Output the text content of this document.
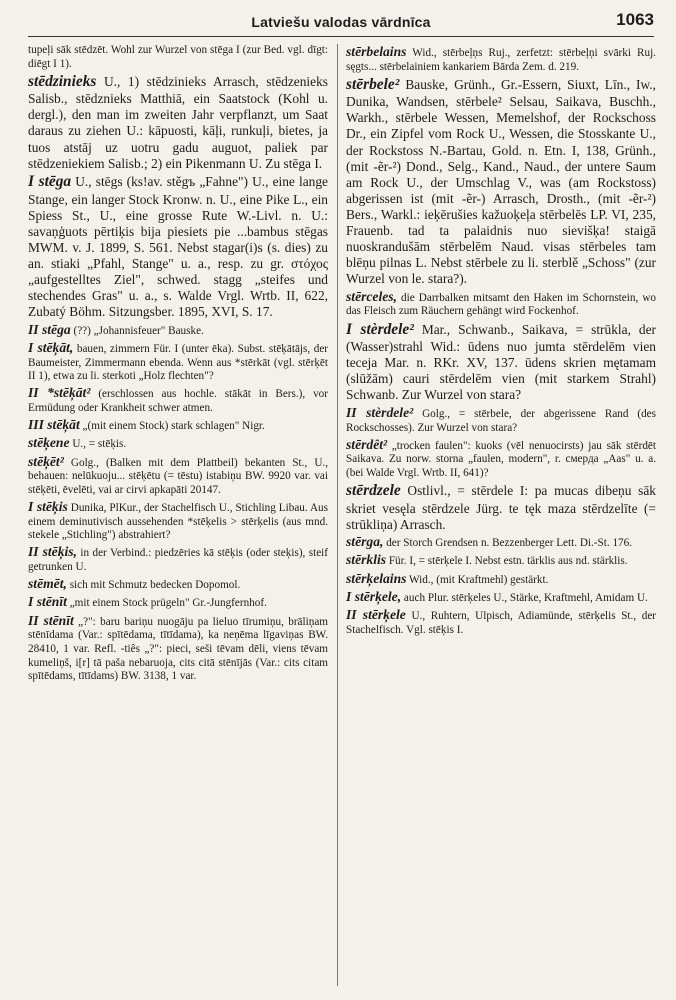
Latviešu valodas vārdnīca	1063

tupeļi sāk stēdzēt. Wohl zur Wurzel von stēga I (zur Bed. vgl. dīgt: diēgt I 1).

stēdzinieks U., 1) stēdzinieks Arrasch, stēdzenieks Salisb., stēdznieks Matthiā, ein Saatstock (Kohl u. dergl.), den man im zweiten Jahr verpflanzt, um Saat daraus zu ziehen U.: kāpuosti, kāļi, runkuļi, bietes, ja tuos atstāj uz uotru gadu auguot, paliek par stēdzeniekiem Salisb.; 2) ein Pikenmann U. Zu stēga I.

I stēga U., stēgs (ks!av. stěgъ „Fahne") U., eine lange Stange, ein langer Stock Kronw. n. U., eine Pike L., ein Spiess St., U., eine grosse Rute W.-Livl. n. U.: savaņģuots pērtiķis bija piesiets pie ...bambus stēgas MWM. v. J. 1899, S. 561. Nebst stagar(i)s (s. dies) zu an. stiaki „Pfahl, Stange" u. a., resp. zu gr. στόχος „aufgestelltes Ziel", schwed. stagg „steifes und stechendes Gras" u. a., s. Walde Vrgl. Wrtb. II, 622, Zubatý Böhm. Sitzungsber. 1895, XVI, S. 17.

II stēga (??) „Johannisfeuer" Bauske.

I stēķāt, bauen, zimmern Für. I (unter ēka). Subst. stēķātājs, der Baumeister, Zimmermann ebenda. Wenn aus *stērkāt (vgl. stērķēt II 1), etwa zu li. sterkoti „Holz flechten"?

II *stēķāt² (erschlossen aus hochle. stākāt in Bers.), vor Ermüdung oder Krankheit schwer atmen.

III stēķāt „(mit einem Stock) stark schlagen" Nigr.

stēķene U., = stēķis.

stēķēt² Golg., (Balken mit dem Plattbeil) bekanten St., U., behauen: nelūkuoju... stēķētu (= tēstu) istabiņu BW. 9920 var. vai stēķēti, ēvelēti, vai ar cirvi apkapāti 20147.

I stēķis Dunika, PlKur., der Stachelfisch U., Stichling Libau. Aus einem deminutivisch aussehenden *stēķelis > stērķelis (aus mnd. stekele „Stichling") abstrahiert?

II stēķis, in der Verbind.: piedzēries kā stēķis (oder steķis), steif getrunken U.

stēmēt, sich mit Schmutz bedecken Dopomol.

I stēnīt „mit einem Stock prügeln" Gr.-Jungfernhof.

II stēnīt „?": baru bariņu nuogāju pa lieluo tīrumiņu, brāliņam stēnīdama (Var.: spītēdama, tītīdama), ka neņēma līgaviņas BW. 28410, 1 var. Refl. -tiês „?": pieci, seši tēvam dēli, viens tēvam kumeliņš, i[r] tā paša nebaruoja, cits citā stēnījās (Var.: cits citam spītēdams, tītīdams) BW. 3138, 1 var.

stērbelains Wid., stērbeļņs Ruj., zerfetzt: stērbeļņi svārki Ruj. sęgts... stērbelainiem kankariem Bārda Zem. d. 219.

stērbele² Bauske, Grünh., Gr.-Essern, Siuxt, Līn., Iw., Dunika, Wandsen, stērbele² Selsau, Saikava, Buschh., Warkh., stērbele Wessen, Memelshof, der Rockschoss Dr., ein Zipfel vom Rock U., Wessen, die Stosskante U., der Rockstoss N.-Bartau, Gold. n. Etn. I, 138, Grünh., (mit -ẽr-²) Dond., Selg., Kand., Naud., der untere Saum am Rock U., der Umschlag V., was (am Rockstoss) abgerissen ist (mit -ẽr-) Arrasch, Drosth., (mit -ẽr-²) Bers., Warkl.: ieķērušies kažuoķeļa stērbelēs LP. VI, 235, Frauenb. tad ta palaidnis nuo sievišķa! staigā nuoskrandušām stērbelēm Naud. visas stērbeles tam blēņu pilnas L. Nebst stērbele zu li. sterblě „Schoss" (zur Wurzel von le. stara?).

stērceles, die Darrbalken mitsamt den Haken im Schornstein, wo das Fleisch zum Räuchern gehängt wird Fockenhof.

I stèrdele² Mar., Schwanb., Saikava, = strūkla, der (Wasser)strahl Wid.: ūdens nuo jumta stērdelēm vien teceja Mar. n. RKr. XV, 137. ūdens skrien mętamam (slūžām) cauri stērdelēm vien (mit starkem Strahl) Schwanb. Zur Wurzel von stara?

II stèrdele² Golg., = stērbele, der abgerissene Rand (des Rockschosses). Zur Wurzel von stara?

stērdêt² „trocken faulen": kuoks (vēl nenuocirsts) jau sāk stērdēt Saikava. Zu norw. storna „faulen, modern", r. смерда „Aas" u. a. (bei Walde Vrgl. Wrtb. II, 641)?

stērdzele Ostlivl., = stērdele I: pa mucas dibeņu sāk skriet vesęla stērdzele Jürg. te tęk maza stērdzelīte (= strūkliņa) Arrasch.

stērga, der Storch Grendsen n. Bezzenberger Lett. Di.-St. 176.

stērklis Für. I, = stērķele I. Nebst estn. tärklis aus nd. stärklis.

stērķelains Wid., (mit Kraftmehl) gestärkt.

I stērķele, auch Plur. stērķeles U., Stärke, Kraftmehl, Amidam U.

II stērķele U., Ruhtern, Ulpisch, Adiamünde, stērķelis St., der Stachelfisch. Vgl. stēķis I.
